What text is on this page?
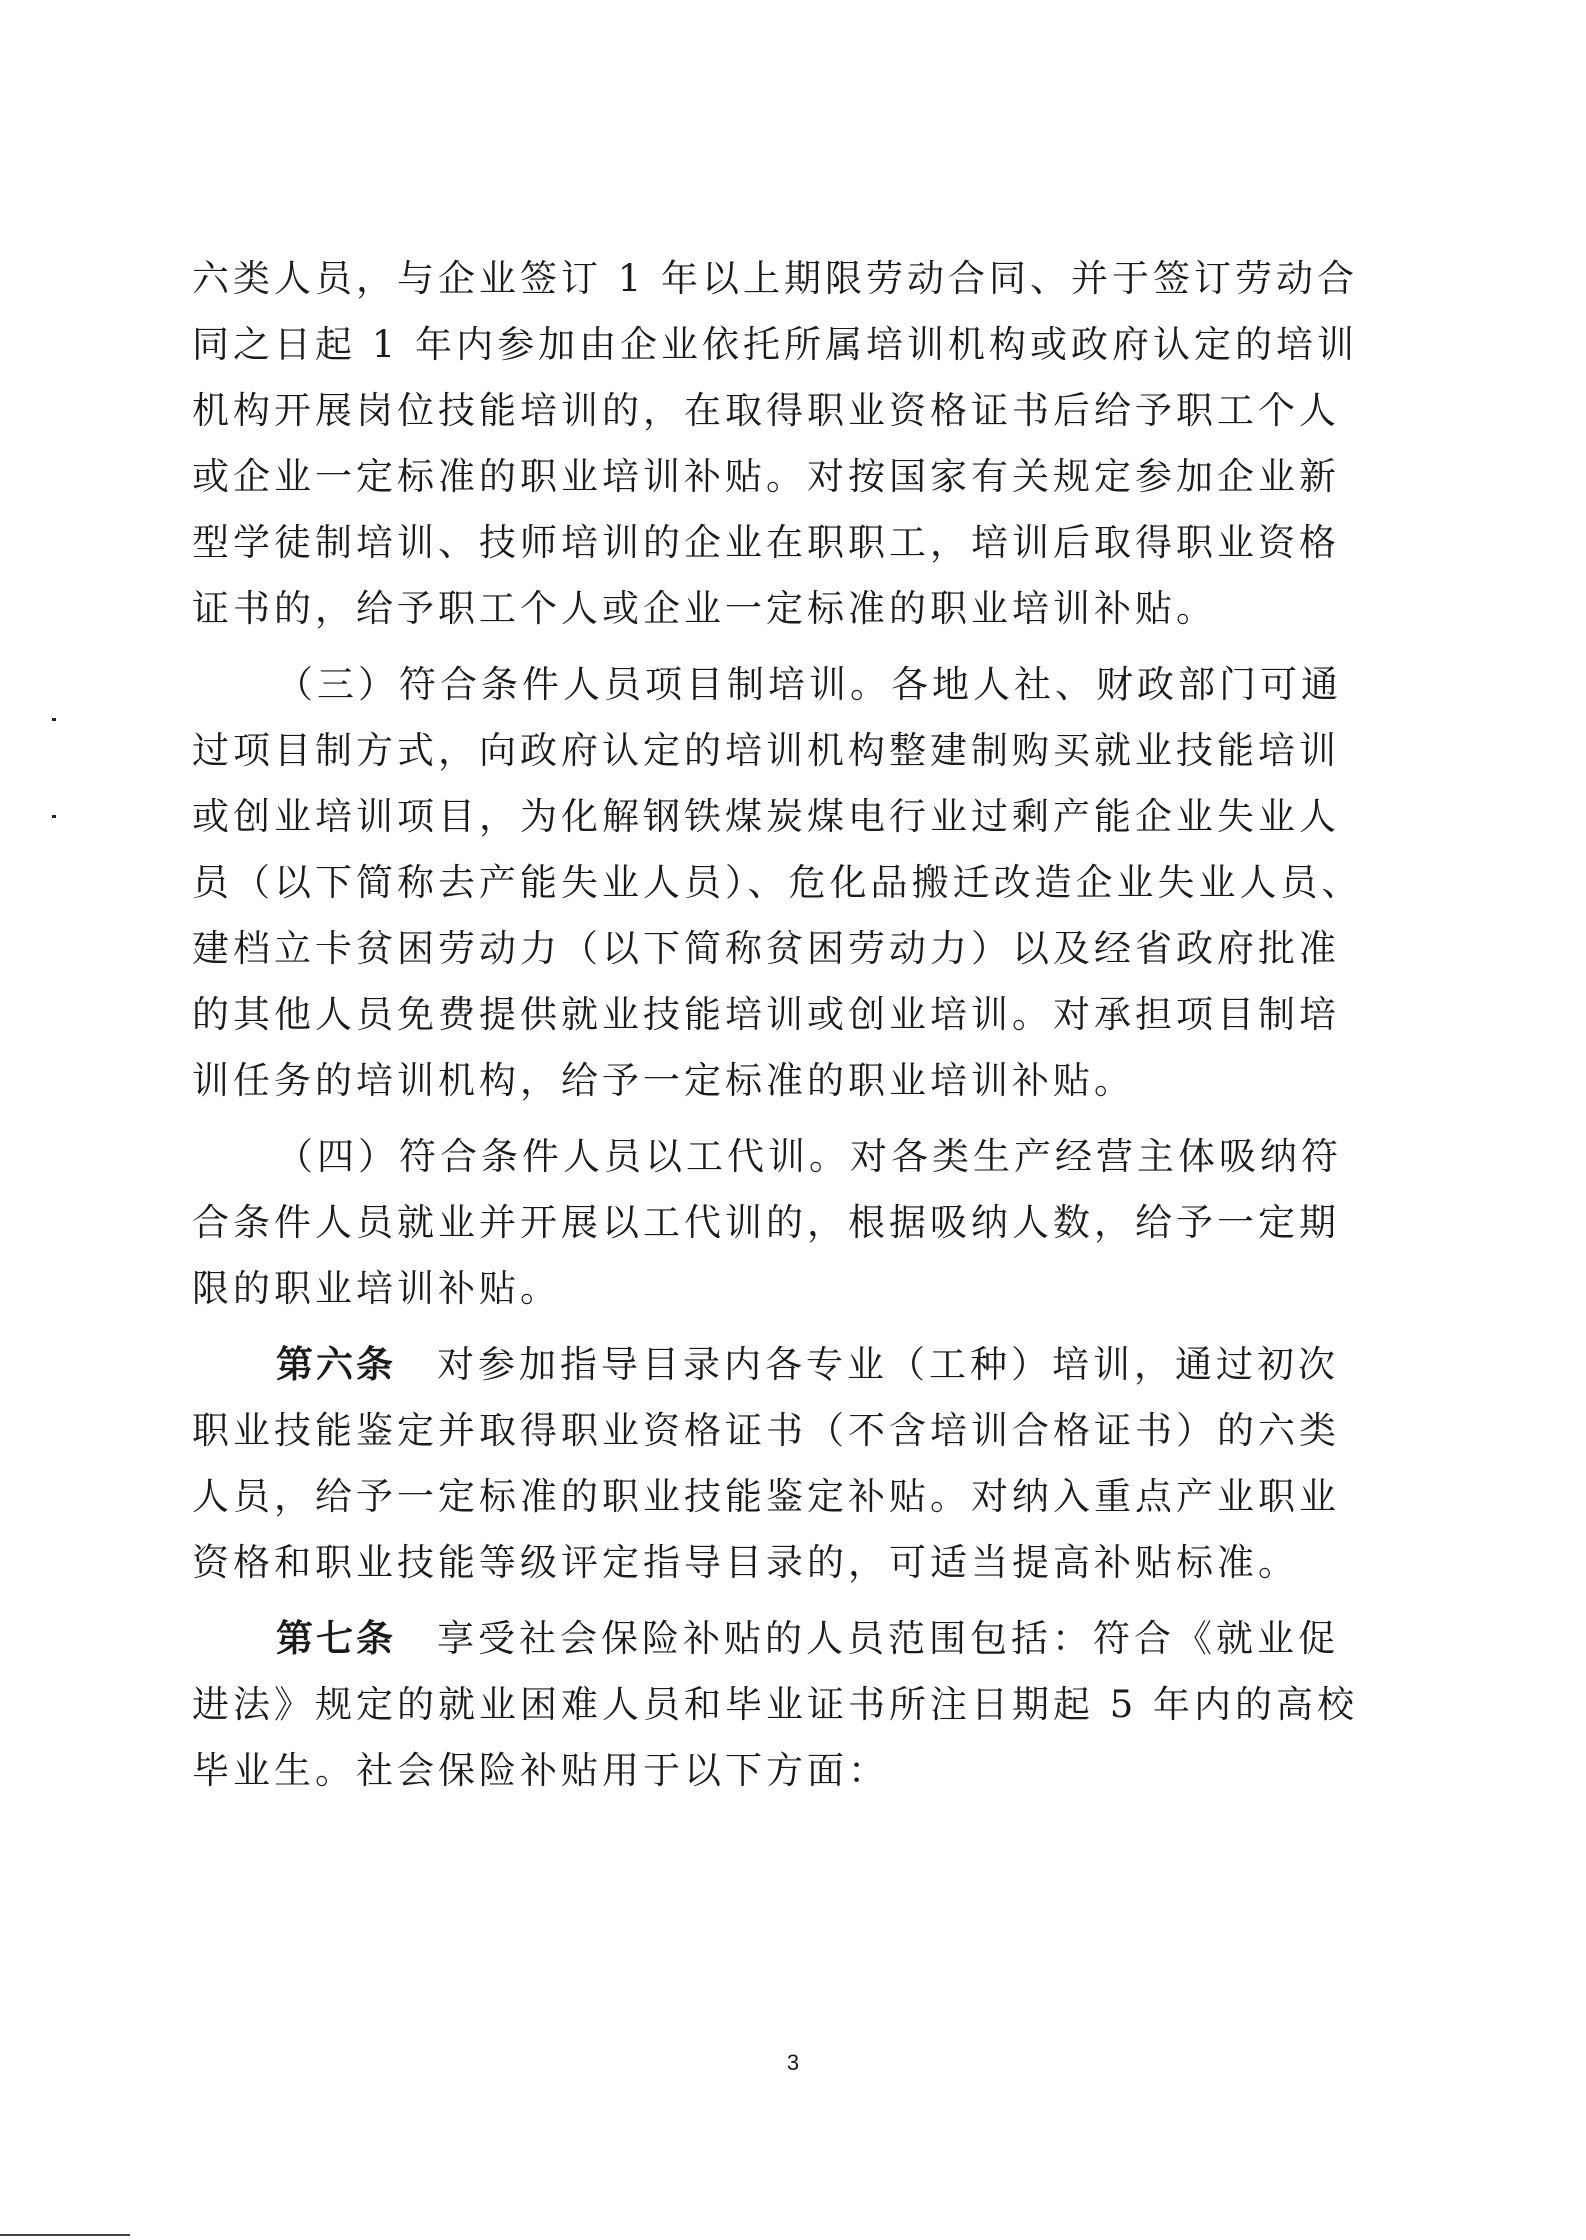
六类人员，与企业签订 1 年以上期限劳动合同、并于签订劳动合
同之日起 1 年内参加由企业依托所属培训机构或政府认定的培训
机构开展岗位技能培训的，在取得职业资格证书后给予职工个人
或企业一定标准的职业培训补贴。对按国家有关规定参加企业新
型学徒制培训、技师培训的企业在职职工，培训后取得职业资格
证书的，给予职工个人或企业一定标准的职业培训补贴。
（三）符合条件人员项目制培训。各地人社、财政部门可通
过项目制方式，向政府认定的培训机构整建制购买就业技能培训
或创业培训项目，为化解钢铁煤炭煤电行业过剩产能企业失业人
员（以下简称去产能失业人员）、危化品搬迁改造企业失业人员、
建档立卡贫困劳动力（以下简称贫困劳动力）以及经省政府批准
的其他人员免费提供就业技能培训或创业培训。对承担项目制培
训任务的培训机构，给予一定标准的职业培训补贴。
（四）符合条件人员以工代训。对各类生产经营主体吸纳符
合条件人员就业并开展以工代训的，根据吸纳人数，给予一定期
限的职业培训补贴。
第六条　 对参加指导目录内各专业（工种）培训，通过初次
职业技能鉴定并取得职业资格证书（不含培训合格证书）的六类
人员，给予一定标准的职业技能鉴定补贴。对纳入重点产业职业
资格和职业技能等级评定指导目录的，可适当提高补贴标准。
第七条　 享受社会保险补贴的人员范围包括：符合《就业促
进法》规定的就业困难人员和毕业证书所注日期起 5 年内的高校
毕业生。社会保险补贴用于以下方面：
3
